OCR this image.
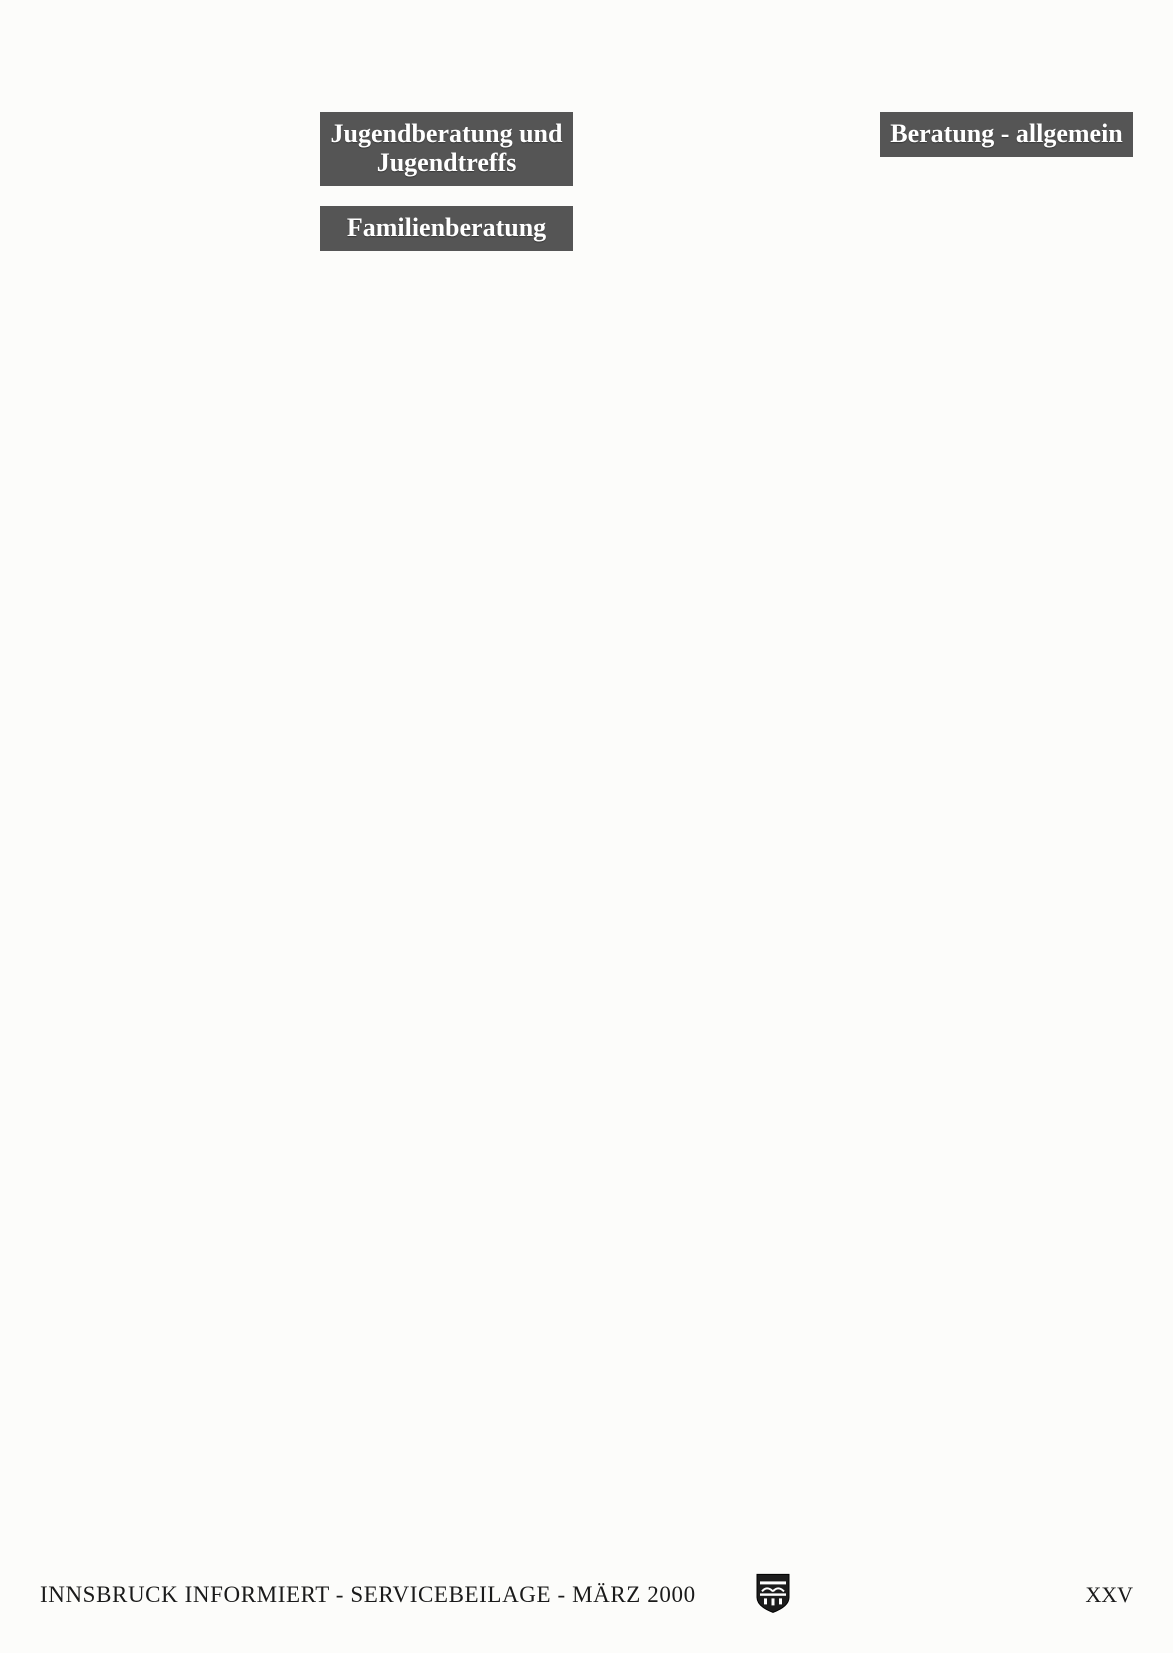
Jugendberatung und Jugendtreffs
Familienberatung
Beratung - allgemein
INNSBRUCK INFORMIERT - SERVICEBEILAGE - MÄRZ 2000	XXV
